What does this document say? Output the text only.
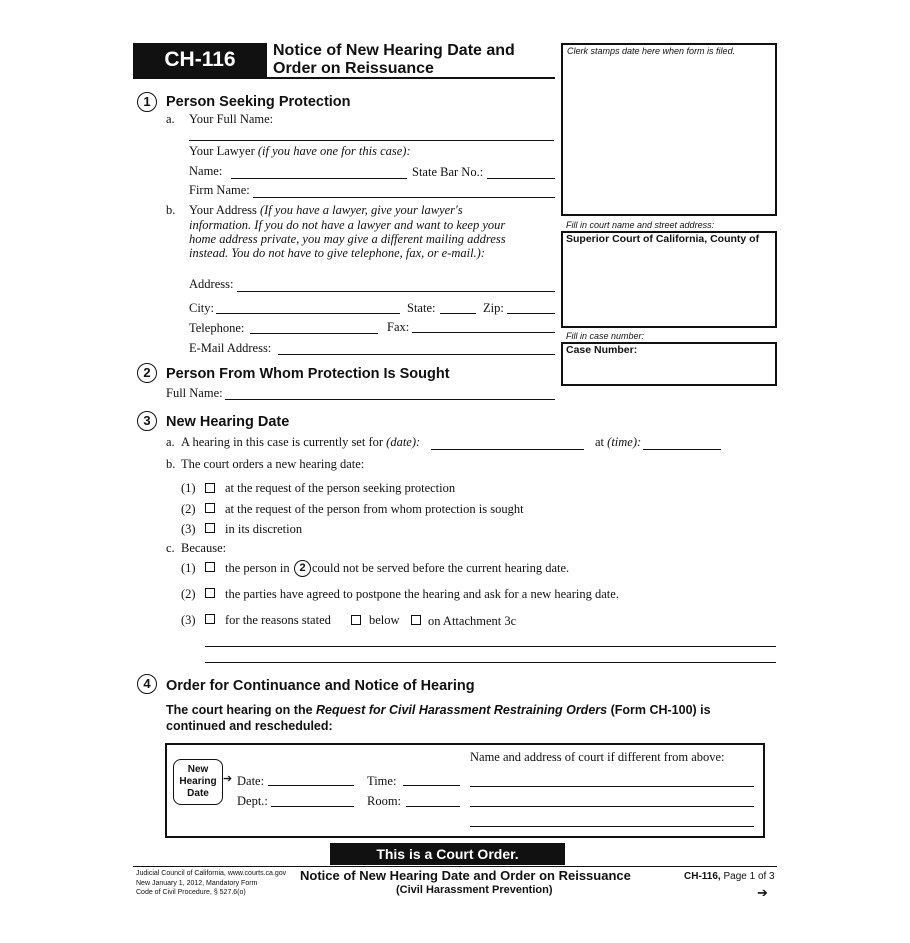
CH-116	Notice of New Hearing Date and
Order on Reissuance
Clerk stamps date here when form is filed.
Fill in court name and street address:
Superior Court of California, County of
Fill in case number:
Case Number:
1	Person Seeking Protection
a. Your Full Name:
Your Lawyer (if you have one for this case):
Name:	State Bar No.:
Firm Name:
b. Your Address (If you have a lawyer, give your lawyer's
information. If you do not have a lawyer and want to keep your
home address private, you may give a different mailing address
instead. You do not have to give telephone, fax, or e-mail.):
Address:
City:	State:	Zip:
Telephone:	Fax:
E-Mail Address:
2	Person From Whom Protection Is Sought
Full Name:
3	New Hearing Date
a. A hearing in this case is currently set for (date):	at (time):
b. The court orders a new hearing date:
(1) at the request of the person seeking protection
(2) at the request of the person from whom protection is sought
(3) in its discretion
c. Because:
(1) the person in 2 could not be served before the current hearing date.
(2) the parties have agreed to postpone the hearing and ask for a new hearing date.
(3) for the reasons stated	below on Attachment 3c
4	Order for Continuance and Notice of Hearing
The court hearing on the Request for Civil Harassment Restraining Orders (Form CH-100) is
continued and rescheduled:
New
Hearing
Date
➔ Date:	Time:
Dept.:	Room:
Name and address of court if different from above:
This is a Court Order.
Judicial Council of California, www.courts.ca.gov
New January 1, 2012, Mandatory Form
Code of Civil Procedure, § 527.6(o)
Notice of New Hearing Date and Order on Reissuance
(Civil Harassment Prevention)
CH-116, Page 1 of 3
➔
